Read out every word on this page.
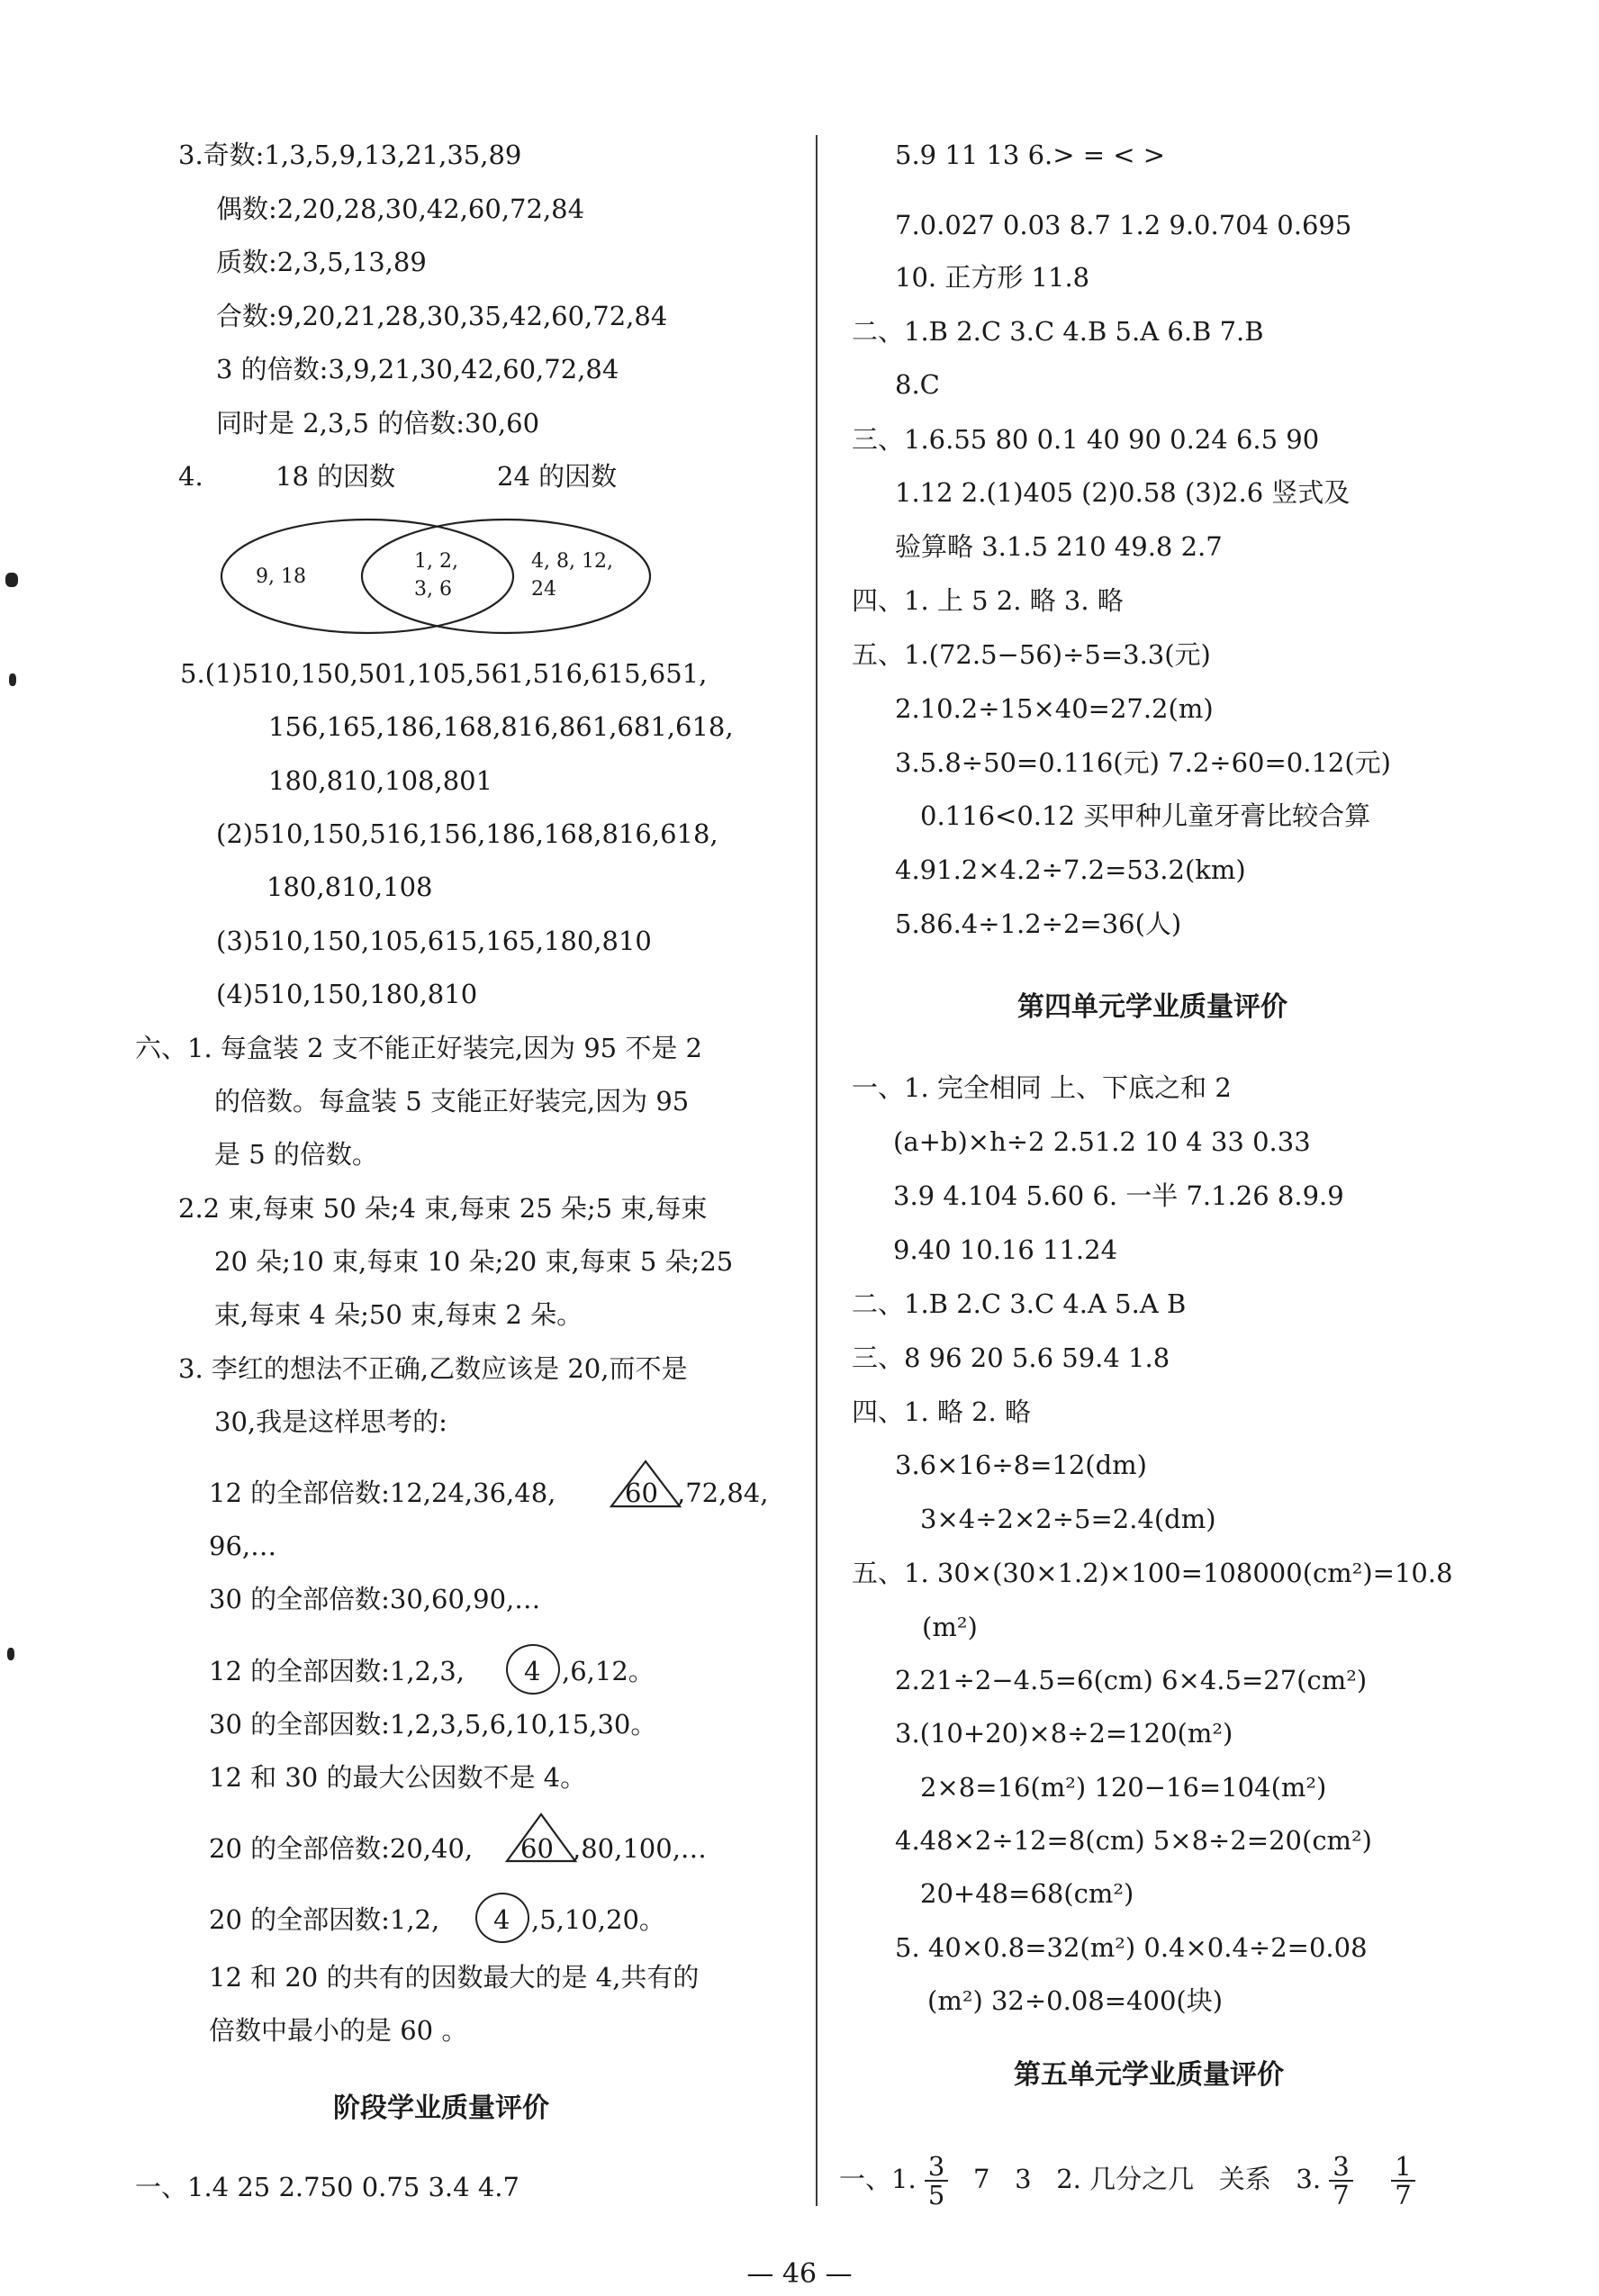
3.奇数:1,3,5,9,13,21,35,89
偶数:2,20,28,30,42,60,72,84
质数:2,3,5,13,89
合数:9,20,21,28,30,35,42,60,72,84
3 的倍数:3,9,21,30,42,60,72,84
同时是 2,3,5 的倍数:30,60
4.	18 的因数	24 的因数
9, 18
1, 2,
3, 6
4, 8, 12,
24
5.(1)510,150,501,105,561,516,615,651,
156,165,186,168,816,861,681,618,
180,810,108,801
(2)510,150,516,156,186,168,816,618,
180,810,108
(3)510,150,105,615,165,180,810
(4)510,150,180,810
六、1. 每盒装 2 支不能正好装完,因为 95 不是 2
的倍数。每盒装 5 支能正好装完,因为 95
是 5 的倍数。
2.2 束,每束 50 朵;4 束,每束 25 朵;5 束,每束
20 朵;10 束,每束 10 朵;20 束,每束 5 朵;25
束,每束 4 朵;50 束,每束 2 朵。
3. 李红的想法不正确,乙数应该是 20,而不是
30,我是这样思考的:
12 的全部倍数:12,24,36,48,	60 ,72,84,
96,…
30 的全部倍数:30,60,90,…
12 的全部因数:1,2,3, 4 ,6,12。
30 的全部因数:1,2,3,5,6,10,15,30。
12 和 30 的最大公因数不是 4。
20 的全部倍数:20,40, 60 ,80,100,…
20 的全部因数:1,2, 4 ,5,10,20。
12 和 20 的共有的因数最大的是 4,共有的
倍数中最小的是 60 。
阶段学业质量评价
一、1.4 25 2.750 0.75 3.4 4.7
5.9 11 13 6.> = < >
7.0.027 0.03 8.7 1.2 9.0.704 0.695
10. 正方形 11.8
二、1.B 2.C 3.C 4.B 5.A 6.B 7.B
8.C
三、1.6.55 80 0.1 40 90 0.24 6.5 90
1.12 2.(1)405 (2)0.58 (3)2.6 竖式及
验算略 3.1.5 210 49.8 2.7
四、1. 上 5 2. 略 3. 略
五、1.(72.5−56)÷5=3.3(元)
2.10.2÷15×40=27.2(m)
3.5.8÷50=0.116(元) 7.2÷60=0.12(元)
0.116<0.12 买甲种儿童牙膏比较合算
4.91.2×4.2÷7.2=53.2(km)
5.86.4÷1.2÷2=36(人)
第四单元学业质量评价
一、1. 完全相同 上、下底之和 2
(a+b)×h÷2 2.51.2 10 4 33 0.33
3.9 4.104 5.60 6. 一半 7.1.26 8.9.9
9.40 10.16 11.24
二、1.B 2.C 3.C 4.A 5.A B
三、8 96 20 5.6 59.4 1.8
四、1. 略 2. 略
3.6×16÷8=12(dm)
3×4÷2×2÷5=2.4(dm)
五、1. 30×(30×1.2)×100=108000(cm²)=10.8
(m²)
2.21÷2−4.5=6(cm) 6×4.5=27(cm²)
3.(10+20)×8÷2=120(m²)
2×8=16(m²) 120−16=104(m²)
4.48×2÷12=8(cm) 5×8÷2=20(cm²)
20+48=68(cm²)
5. 40×0.8=32(m²) 0.4×0.4÷2=0.08
(m²) 32÷0.08=400(块)
第五单元学业质量评价
一、1. $\frac{3}{5} 7$   3   2. 几分之几   关系   3. $\frac{3}{7}$
$\frac{1}{7}$
— 46 —
